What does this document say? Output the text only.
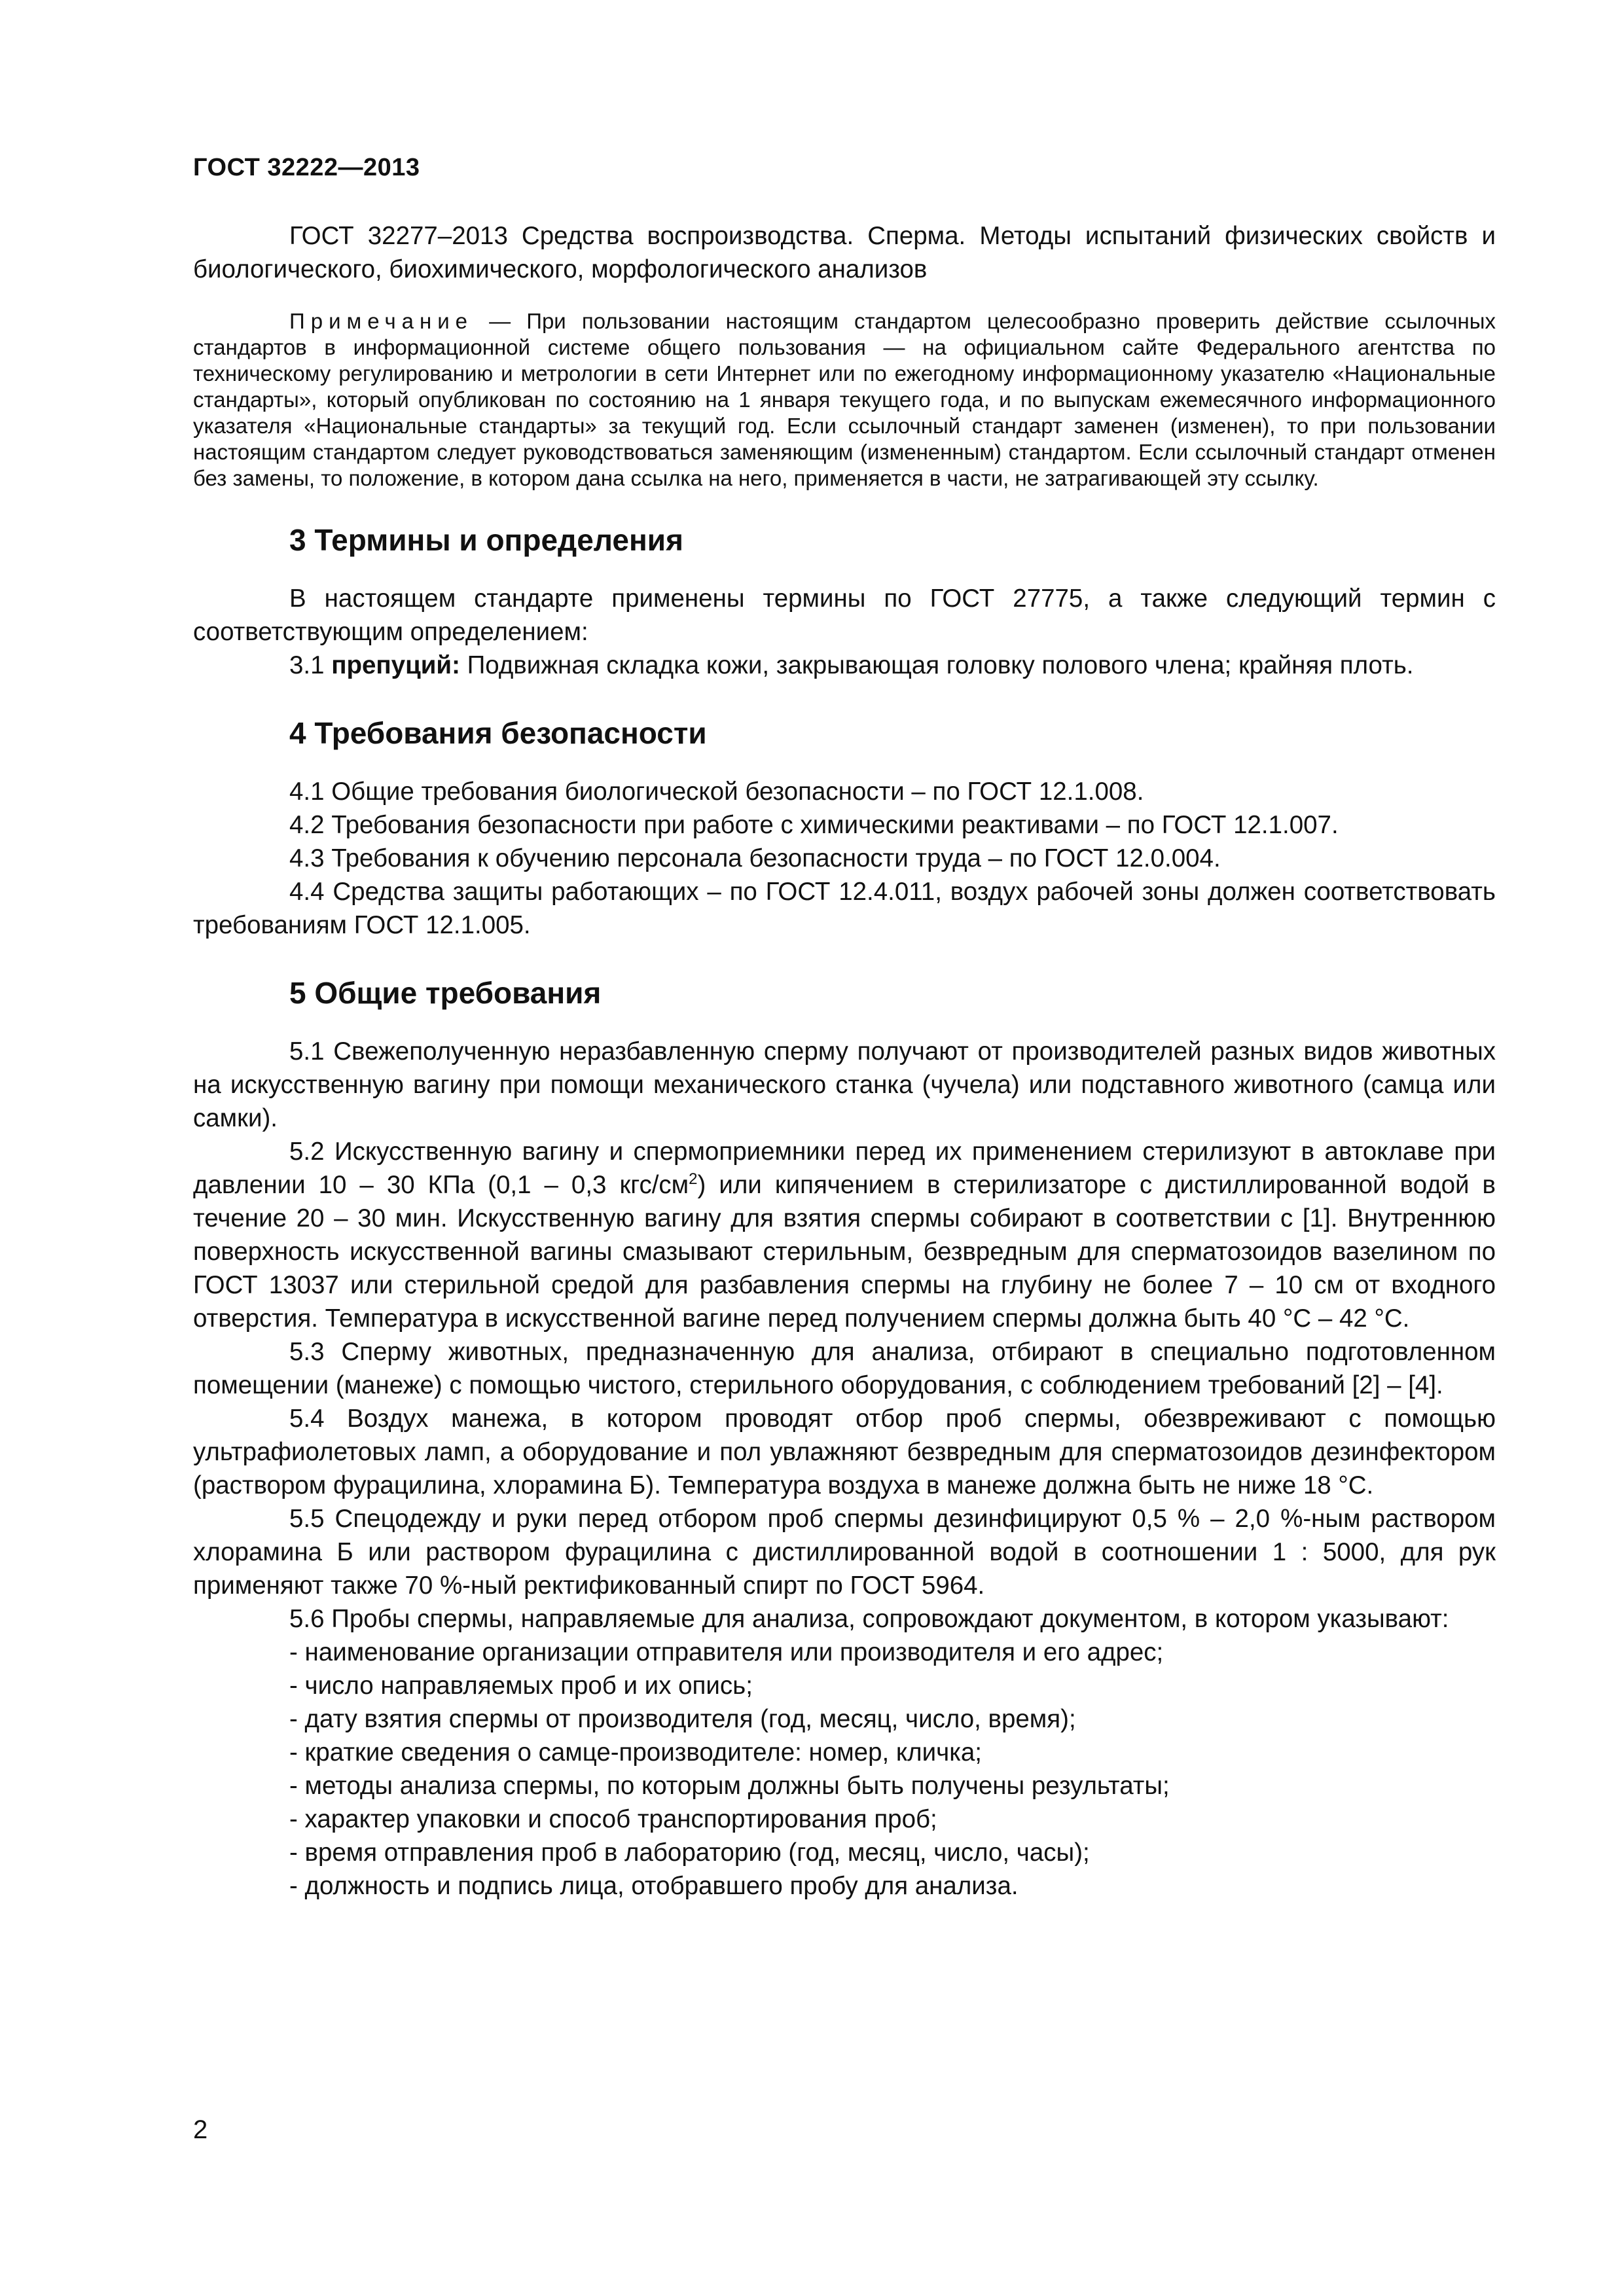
ГОСТ 32222—2013

ГОСТ 32277–2013 Средства воспроизводства. Сперма. Методы испытаний физических свойств и биологического, биохимического, морфологического анализов

Примечание — При пользовании настоящим стандартом целесообразно проверить действие ссылочных стандартов в информационной системе общего пользования — на официальном сайте Федерального агентства по техническому регулированию и метрологии в сети Интернет или по ежегодному информационному указателю «Национальные стандарты», который опубликован по состоянию на 1 января текущего года, и по выпускам ежемесячного информационного указателя «Национальные стандарты» за текущий год. Если ссылочный стандарт заменен (изменен), то при пользовании настоящим стандартом следует руководствоваться заменяющим (измененным) стандартом. Если ссылочный стандарт отменен без замены, то положение, в котором дана ссылка на него, применяется в части, не затрагивающей эту ссылку.

3 Термины и определения

В настоящем стандарте применены термины по ГОСТ 27775, а также следующий термин с соответствующим определением:

3.1 препуций: Подвижная складка кожи, закрывающая головку полового члена; крайняя плоть.

4 Требования безопасности

4.1 Общие требования биологической безопасности – по ГОСТ 12.1.008.

4.2 Требования безопасности при работе с химическими реактивами – по ГОСТ 12.1.007.

4.3 Требования к обучению персонала безопасности труда – по ГОСТ 12.0.004.

4.4 Средства защиты работающих – по ГОСТ 12.4.011, воздух рабочей зоны должен соответствовать требованиям ГОСТ 12.1.005.

5 Общие требования

5.1 Свежеполученную неразбавленную сперму получают от производителей разных видов животных на искусственную вагину при помощи механического станка (чучела) или подставного животного (самца или самки).

5.2 Искусственную вагину и спермоприемники перед их применением стерилизуют в автоклаве при давлении 10 – 30 КПа (0,1 – 0,3 кгс/$см^2$) или кипячением в стерилизаторе с дистиллированной водой в течение 20 – 30 мин. Искусственную вагину для взятия спермы собирают в соответствии с [1]. Внутреннюю поверхность искусственной вагины смазывают стерильным, безвредным для сперматозоидов вазелином по ГОСТ 13037 или стерильной средой для разбавления спермы на глубину не более 7 – 10 см от входного отверстия. Температура в искусственной вагине перед получением спермы должна быть 40 °С – 42 °С.

5.3 Сперму животных, предназначенную для анализа, отбирают в специально подготовленном помещении (манеже) с помощью чистого, стерильного оборудования, с соблюдением требований [2] – [4].

5.4 Воздух манежа, в котором проводят отбор проб спермы, обезвреживают с помощью ультрафиолетовых ламп, а оборудование и пол увлажняют безвредным для сперматозоидов дезинфектором (раствором фурацилина, хлорамина Б). Температура воздуха в манеже должна быть не ниже 18 °С.

5.5 Спецодежду и руки перед отбором проб спермы дезинфицируют 0,5 % – 2,0 %-ным раствором хлорамина Б или раствором фурацилина с дистиллированной водой в соотношении 1 : 5000, для рук применяют также 70 %-ный ректификованный спирт по ГОСТ 5964.

5.6 Пробы спермы, направляемые для анализа, сопровождают документом, в котором указывают:

- наименование организации отправителя или производителя и его адрес;
- число направляемых проб и их опись;
- дату взятия спермы от производителя (год, месяц, число, время);
- краткие сведения о самце-производителе: номер, кличка;
- методы анализа спермы, по которым должны быть получены результаты;
- характер упаковки и способ транспортирования проб;
- время отправления проб в лабораторию (год, месяц, число, часы);
- должность и подпись лица, отобравшего пробу для анализа.
2
